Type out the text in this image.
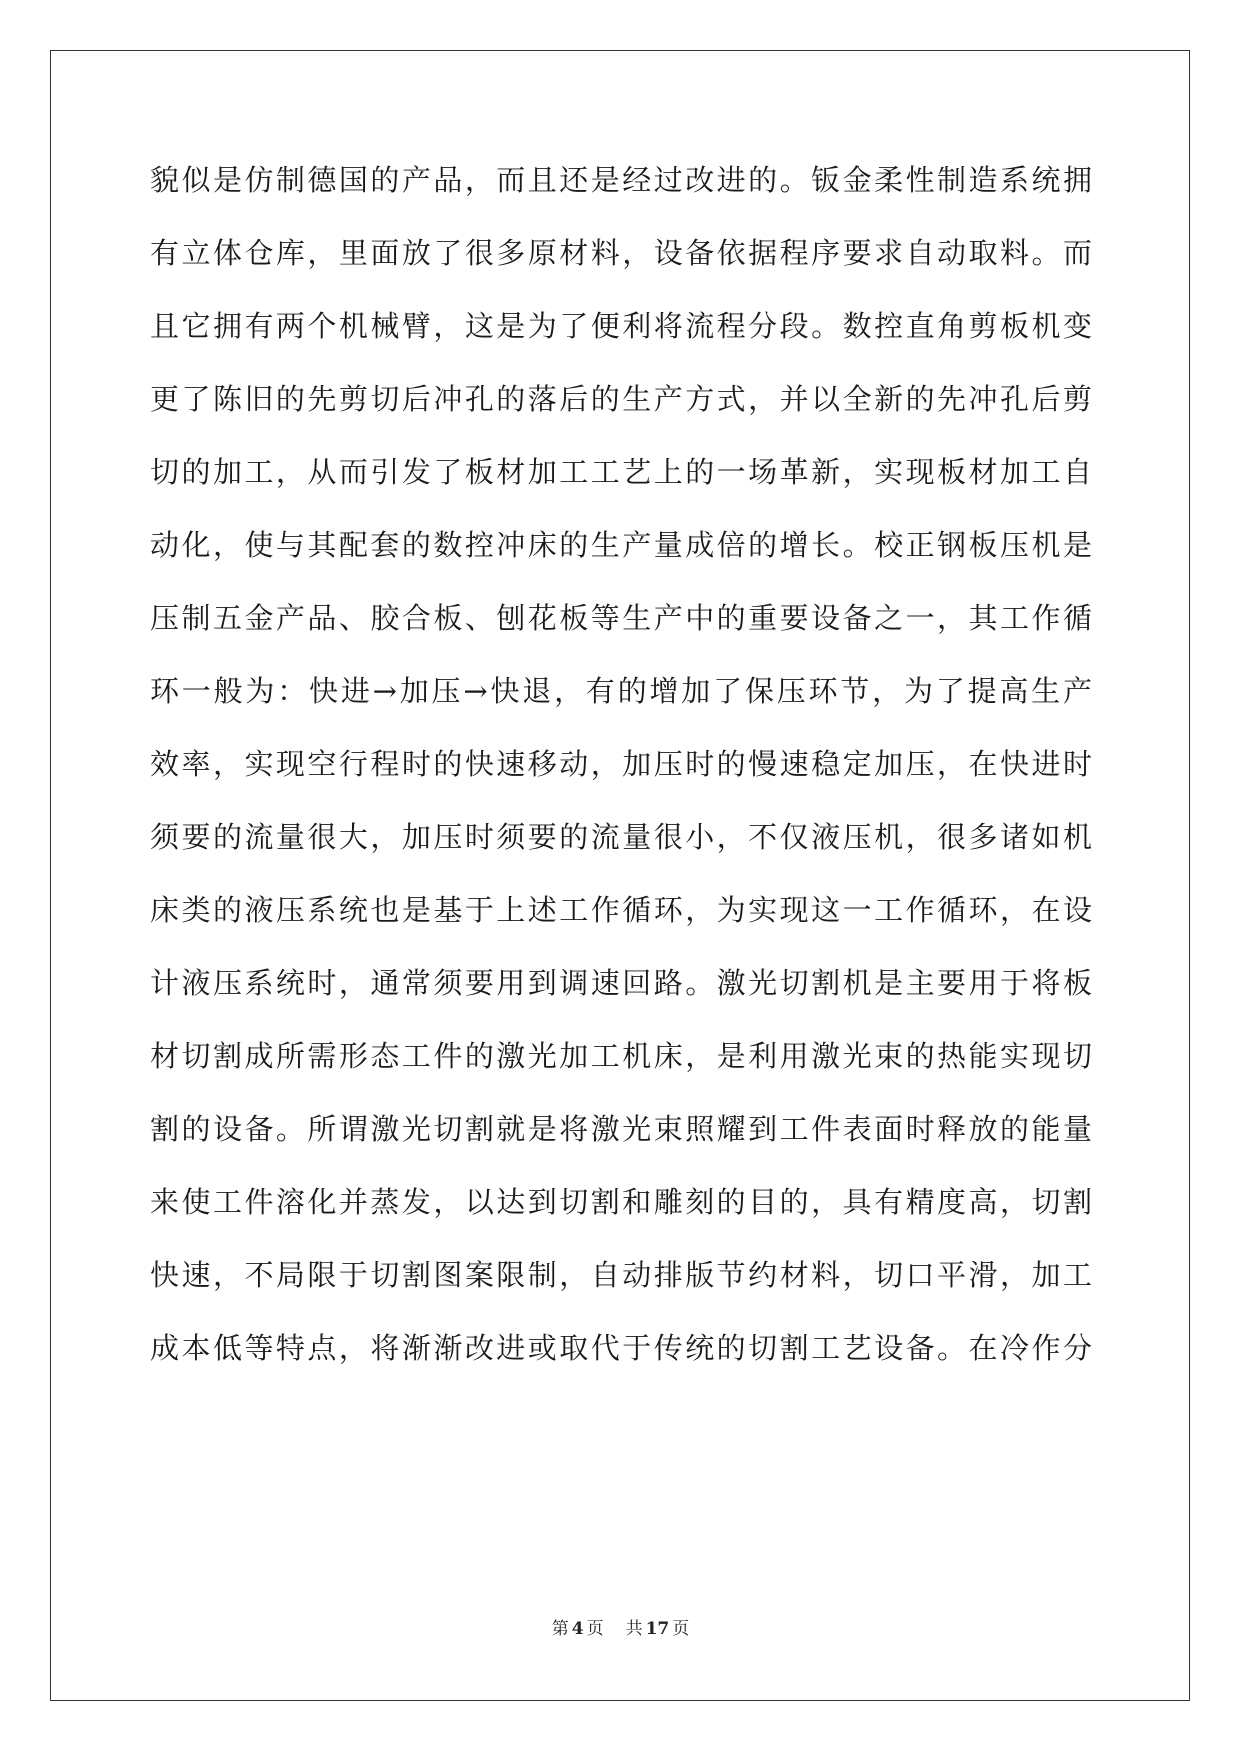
貌似是仿制德国的产品，而且还是经过改进的。钣金柔性制造系统拥
有立体仓库，里面放了很多原材料，设备依据程序要求自动取料。而
且它拥有两个机械臂，这是为了便利将流程分段。数控直角剪板机变
更了陈旧的先剪切后冲孔的落后的生产方式，并以全新的先冲孔后剪
切的加工，从而引发了板材加工工艺上的一场革新，实现板材加工自
动化，使与其配套的数控冲床的生产量成倍的增长。校正钢板压机是
压制五金产品、胶合板、刨花板等生产中的重要设备之一，其工作循
环一般为：快进→加压→快退，有的增加了保压环节，为了提高生产
效率，实现空行程时的快速移动，加压时的慢速稳定加压，在快进时
须要的流量很大，加压时须要的流量很小，不仅液压机，很多诸如机
床类的液压系统也是基于上述工作循环，为实现这一工作循环，在设
计液压系统时，通常须要用到调速回路。激光切割机是主要用于将板
材切割成所需形态工件的激光加工机床，是利用激光束的热能实现切
割的设备。所谓激光切割就是将激光束照耀到工件表面时释放的能量
来使工件溶化并蒸发，以达到切割和雕刻的目的，具有精度高，切割
快速，不局限于切割图案限制，自动排版节约材料，切口平滑，加工
成本低等特点，将渐渐改进或取代于传统的切割工艺设备。在冷作分
第 4 页 共 17 页
